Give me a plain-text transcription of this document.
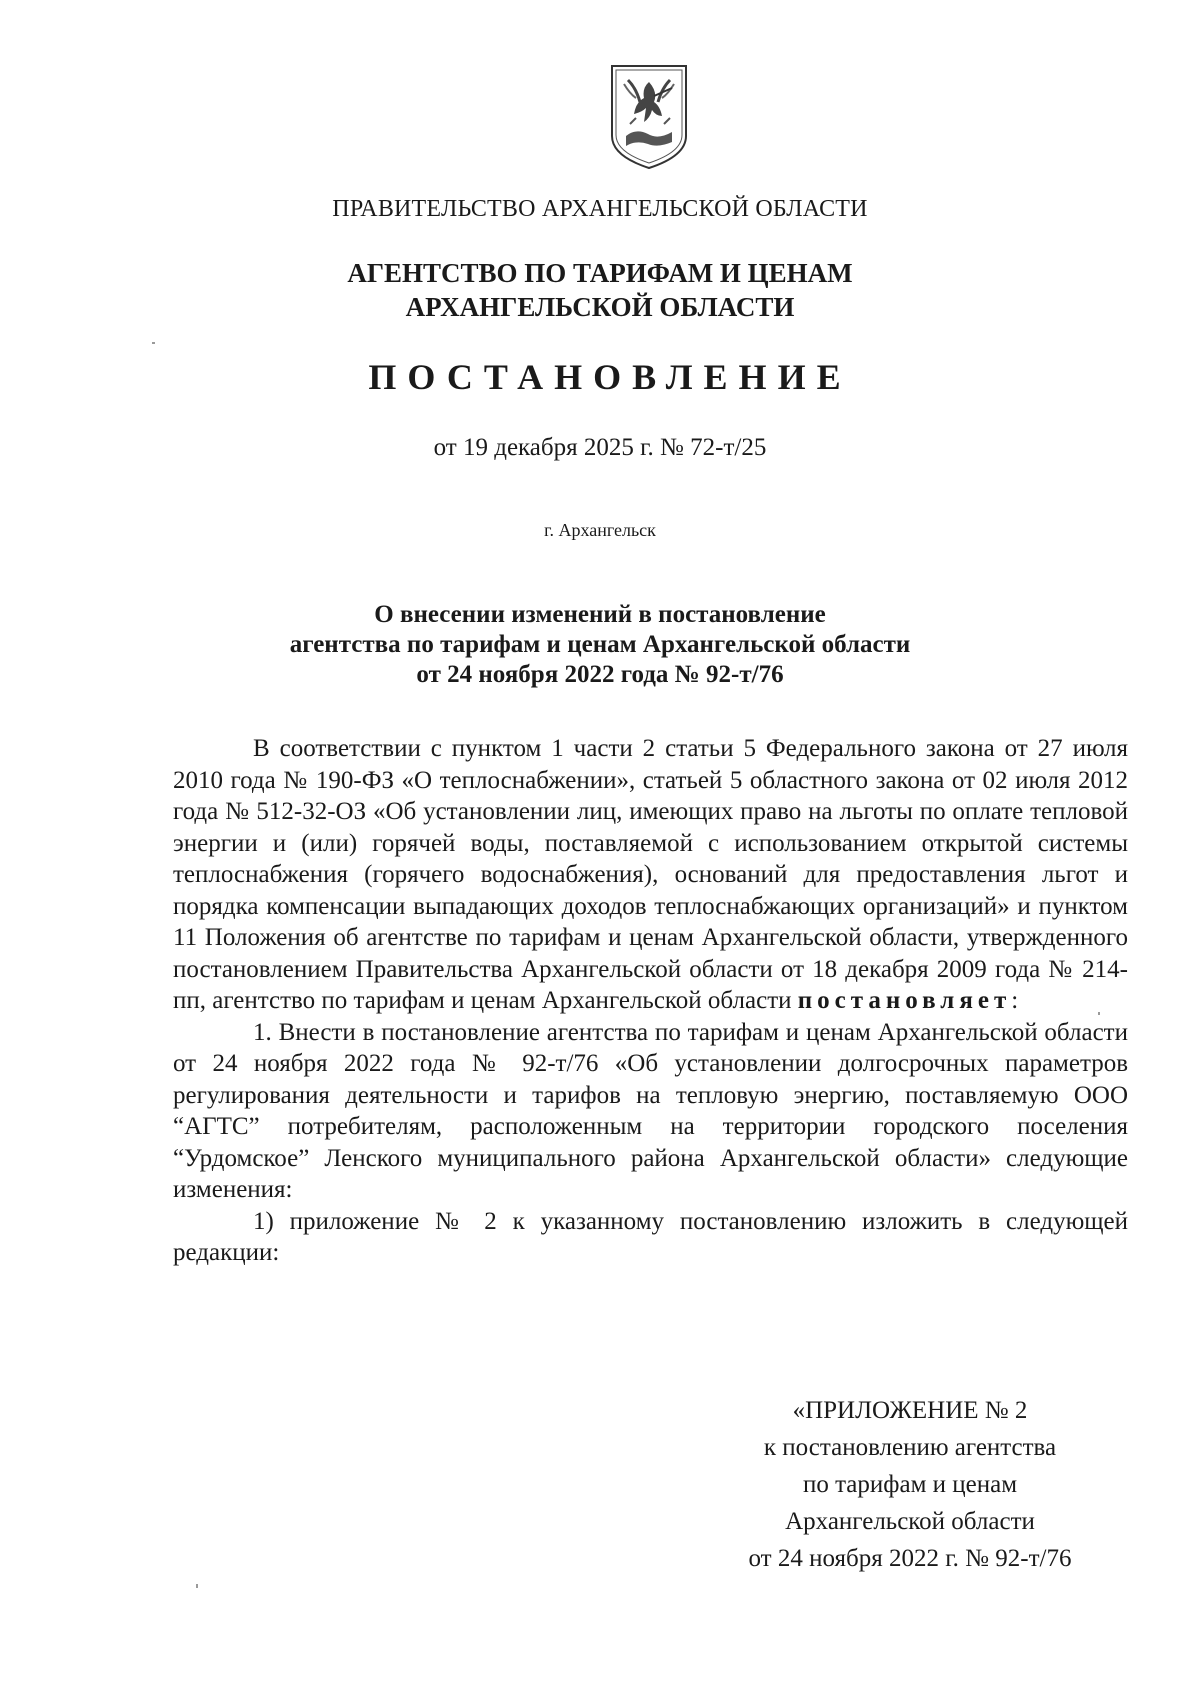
ПРАВИТЕЛЬСТВО АРХАНГЕЛЬСКОЙ ОБЛАСТИ
АГЕНТСТВО ПО ТАРИФАМ И ЦЕНАМ
АРХАНГЕЛЬСКОЙ ОБЛАСТИ
ПОСТАНОВЛЕНИЕ
от 19 декабря 2025 г. № 72-т/25
г. Архангельск
О внесении изменений в постановление
агентства по тарифам и ценам Архангельской области
от 24 ноября 2022 года № 92-т/76

В соответствии с пунктом 1 части 2 статьи 5 Федерального закона от 27 июля 2010 года № 190-ФЗ «О теплоснабжении», статьей 5 областного закона от 02 июля 2012 года № 512-32-ОЗ «Об установлении лиц, имеющих право на льготы по оплате тепловой энергии и (или) горячей воды, поставляемой с использованием открытой системы теплоснабжения (горячего водоснабжения), оснований для предоставления льгот и порядка компенсации выпадающих доходов теплоснабжающих организаций» и пунктом 11 Положения об агентстве по тарифам и ценам Архангельской области, утвержденного постановлением Правительства Архангельской области от 18 декабря 2009 года № 214-пп, агентство по тарифам и ценам Архангельской области постановляет:

1. Внести в постановление агентства по тарифам и ценам Архангельской области от 24 ноября 2022 года № 92-т/76 «Об установлении долгосрочных параметров регулирования деятельности и тарифов на тепловую энергию, поставляемую ООО “АГТС” потребителям, расположенным на территории городского поселения “Урдомское” Ленского муниципального района Архангельской области» следующие изменения:

1) приложение № 2 к указанному постановлению изложить в следующей редакции:

«ПРИЛОЖЕНИЕ № 2
к постановлению агентства
по тарифам и ценам
Архангельской области
от 24 ноября 2022 г. № 92-т/76
